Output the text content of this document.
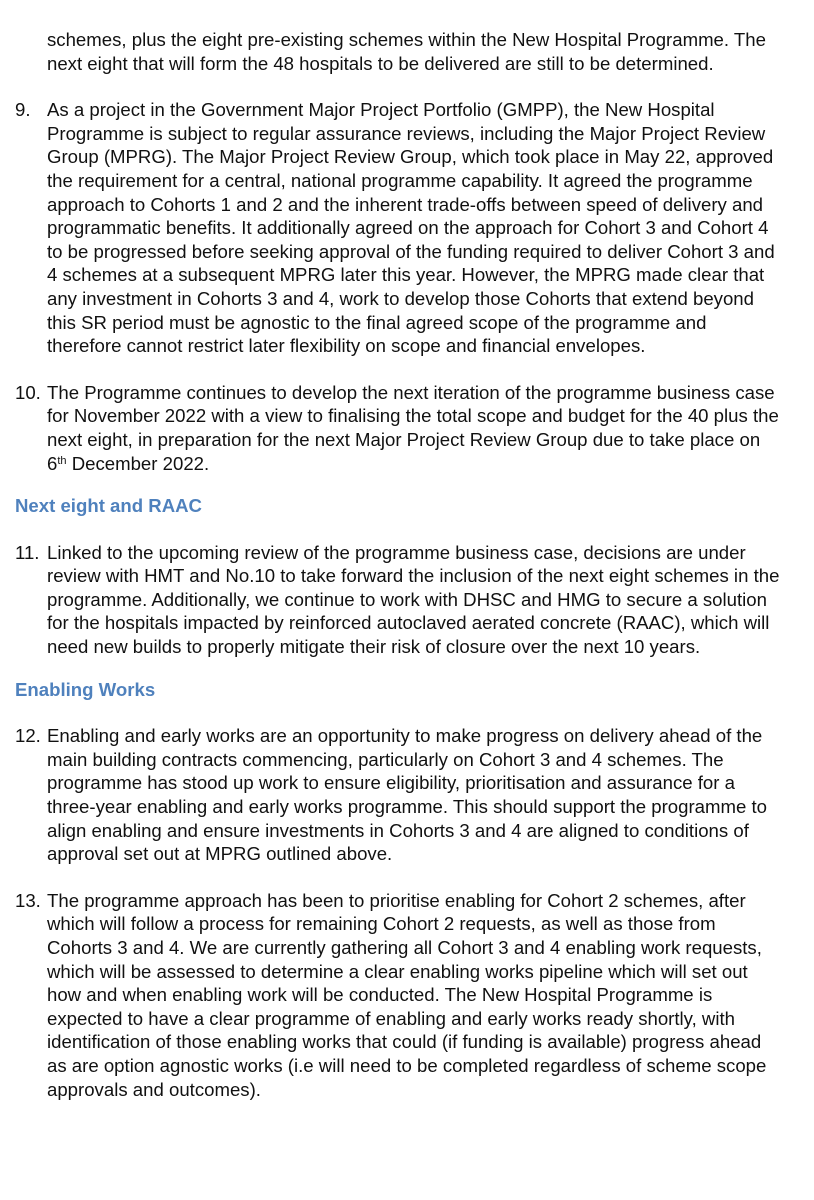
schemes, plus the eight pre-existing schemes within the New Hospital Programme. The next eight that will form the 48 hospitals to be delivered are still to be determined.

9. As a project in the Government Major Project Portfolio (GMPP), the New Hospital Programme is subject to regular assurance reviews, including the Major Project Review Group (MPRG). The Major Project Review Group, which took place in May 22, approved the requirement for a central, national programme capability. It agreed the programme approach to Cohorts 1 and 2 and the inherent trade-offs between speed of delivery and programmatic benefits. It additionally agreed on the approach for Cohort 3 and Cohort 4 to be progressed before seeking approval of the funding required to deliver Cohort 3 and 4 schemes at a subsequent MPRG later this year. However, the MPRG made clear that any investment in Cohorts 3 and 4, work to develop those Cohorts that extend beyond this SR period must be agnostic to the final agreed scope of the programme and therefore cannot restrict later flexibility on scope and financial envelopes.

10. The Programme continues to develop the next iteration of the programme business case for November 2022 with a view to finalising the total scope and budget for the 40 plus the next eight, in preparation for the next Major Project Review Group due to take place on 6th December 2022.

Next eight and RAAC

11. Linked to the upcoming review of the programme business case, decisions are under review with HMT and No.10 to take forward the inclusion of the next eight schemes in the programme. Additionally, we continue to work with DHSC and HMG to secure a solution for the hospitals impacted by reinforced autoclaved aerated concrete (RAAC), which will need new builds to properly mitigate their risk of closure over the next 10 years.

Enabling Works

12. Enabling and early works are an opportunity to make progress on delivery ahead of the main building contracts commencing, particularly on Cohort 3 and 4 schemes. The programme has stood up work to ensure eligibility, prioritisation and assurance for a three-year enabling and early works programme. This should support the programme to align enabling and ensure investments in Cohorts 3 and 4 are aligned to conditions of approval set out at MPRG outlined above.

13. The programme approach has been to prioritise enabling for Cohort 2 schemes, after which will follow a process for remaining Cohort 2 requests, as well as those from Cohorts 3 and 4. We are currently gathering all Cohort 3 and 4 enabling work requests, which will be assessed to determine a clear enabling works pipeline which will set out how and when enabling work will be conducted. The New Hospital Programme is expected to have a clear programme of enabling and early works ready shortly, with identification of those enabling works that could (if funding is available) progress ahead as are option agnostic works (i.e will need to be completed regardless of scheme scope approvals and outcomes).
